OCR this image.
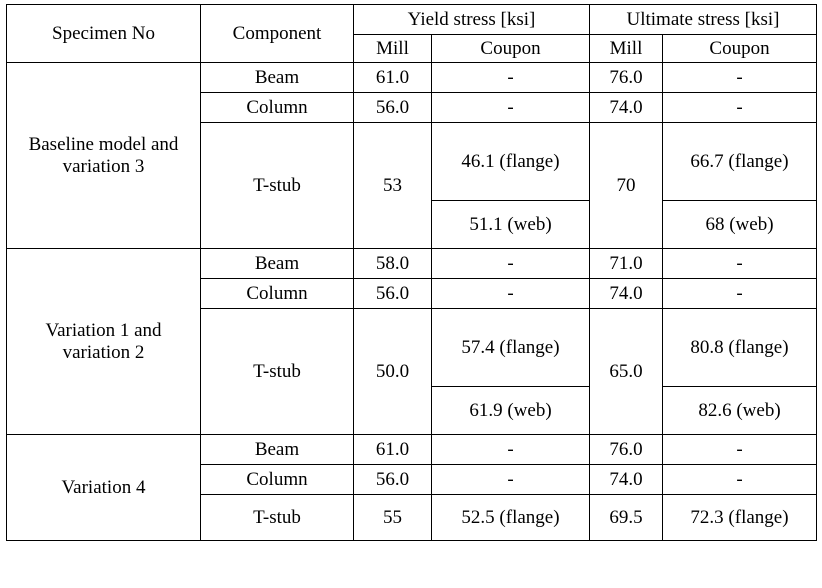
Specimen No	Component	Yield stress [ksi]		Ultimate stress [ksi]	
		Mill	Coupon	Mill	Coupon
Baseline model and variation 3	Beam	61.0	-	76.0	-
	Column	56.0	-	74.0	-
	T-stub	53	46.1 (flange)	70	66.7 (flange)
			51.1 (web)		68 (web)
Variation 1 and variation 2	Beam	58.0	-	71.0	-
	Column	56.0	-	74.0	-
	T-stub	50.0	57.4 (flange)	65.0	80.8 (flange)
			61.9 (web)		82.6 (web)
Variation 4	Beam	61.0	-	76.0	-
	Column	56.0	-	74.0	-
	T-stub	55	52.5 (flange)	69.5	72.3 (flange)
